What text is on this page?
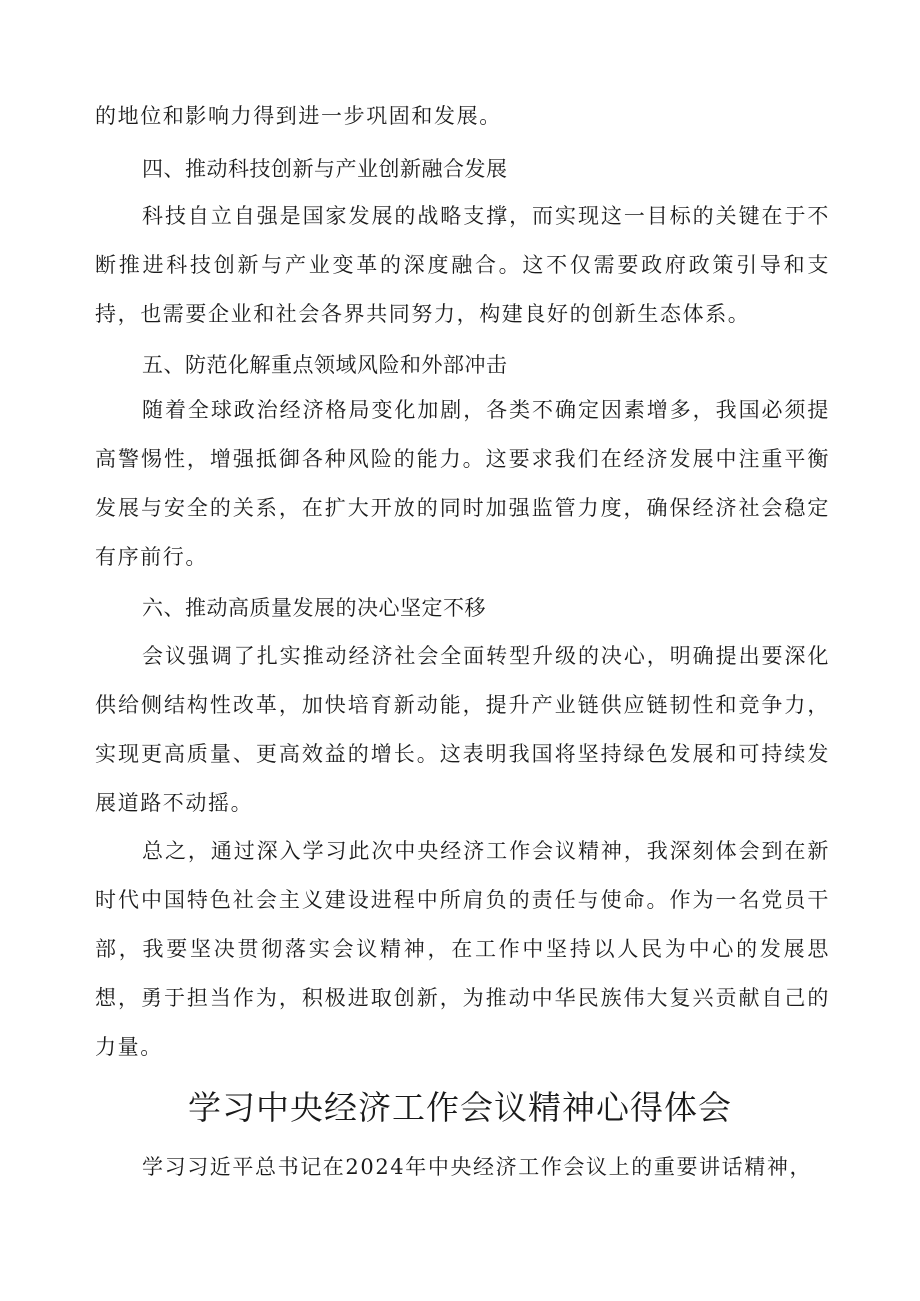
的地位和影响力得到进一步巩固和发展。

四、推动科技创新与产业创新融合发展

科技自立自强是国家发展的战略支撑，而实现这一目标的关键在于不断推进科技创新与产业变革的深度融合。这不仅需要政府政策引导和支持，也需要企业和社会各界共同努力，构建良好的创新生态体系。

五、防范化解重点领域风险和外部冲击

随着全球政治经济格局变化加剧，各类不确定因素增多，我国必须提高警惕性，增强抵御各种风险的能力。这要求我们在经济发展中注重平衡发展与安全的关系，在扩大开放的同时加强监管力度，确保经济社会稳定有序前行。

六、推动高质量发展的决心坚定不移

会议强调了扎实推动经济社会全面转型升级的决心，明确提出要深化供给侧结构性改革，加快培育新动能，提升产业链供应链韧性和竞争力，实现更高质量、更高效益的增长。这表明我国将坚持绿色发展和可持续发展道路不动摇。

总之，通过深入学习此次中央经济工作会议精神，我深刻体会到在新时代中国特色社会主义建设进程中所肩负的责任与使命。作为一名党员干部，我要坚决贯彻落实会议精神，在工作中坚持以人民为中心的发展思想，勇于担当作为，积极进取创新，为推动中华民族伟大复兴贡献自己的力量。

学习中央经济工作会议精神心得体会

学习习近平总书记在2024年中央经济工作会议上的重要讲话精神，
